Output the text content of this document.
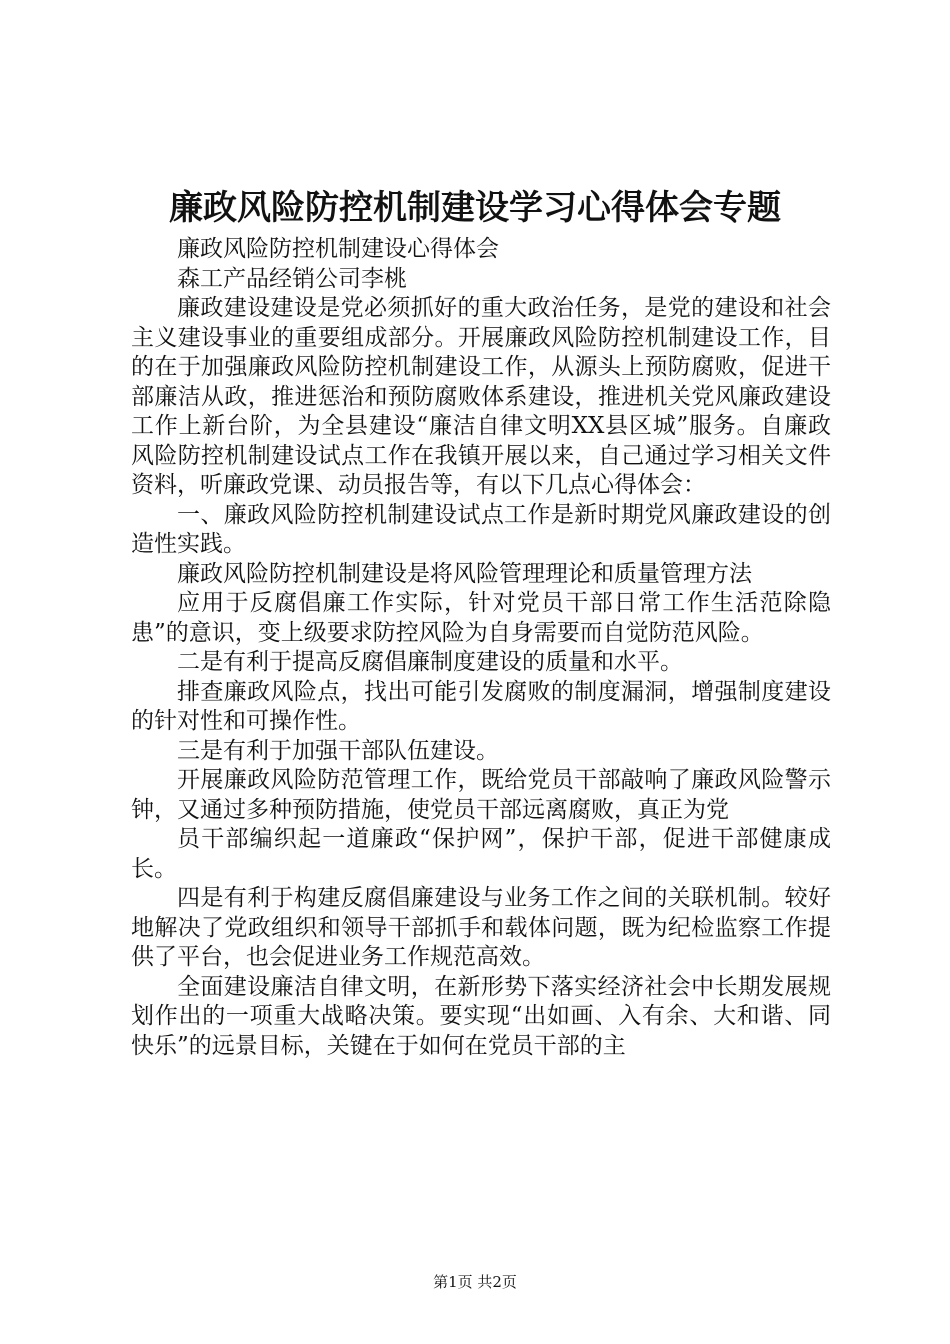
廉政风险防控机制建设学习心得体会专题

廉政风险防控机制建设心得体会

森工产品经销公司李桃

廉政建设建设是党必须抓好的重大政治任务，是党的建设和社会主义建设事业的重要组成部分。开展廉政风险防控机制建设工作，目的在于加强廉政风险防控机制建设工作，从源头上预防腐败，促进干部廉洁从政，推进惩治和预防腐败体系建设，推进机关党风廉政建设工作上新台阶，为全县建设“廉洁自律文明XX县区城”服务。自廉政风险防控机制建设试点工作在我镇开展以来，自己通过学习相关文件资料，听廉政党课、动员报告等，有以下几点心得体会：

一、廉政风险防控机制建设试点工作是新时期党风廉政建设的创造性实践。

廉政风险防控机制建设是将风险管理理论和质量管理方法

应用于反腐倡廉工作实际，针对党员干部日常工作生活范除隐患”的意识，变上级要求防控风险为自身需要而自觉防范风险。

二是有利于提高反腐倡廉制度建设的质量和水平。

排查廉政风险点，找出可能引发腐败的制度漏洞，增强制度建设的针对性和可操作性。

三是有利于加强干部队伍建设。

开展廉政风险防范管理工作，既给党员干部敲响了廉政风险警示钟，又通过多种预防措施，使党员干部远离腐败，真正为党

员干部编织起一道廉政“保护网”，保护干部，促进干部健康成长。

四是有利于构建反腐倡廉建设与业务工作之间的关联机制。较好地解决了党政组织和领导干部抓手和载体问题，既为纪检监察工作提供了平台，也会促进业务工作规范高效。

全面建设廉洁自律文明，在新形势下落实经济社会中长期发展规划作出的一项重大战略决策。要实现“出如画、入有余、大和谐、同快乐”的远景目标，关键在于如何在党员干部的主

第1页 共2页
